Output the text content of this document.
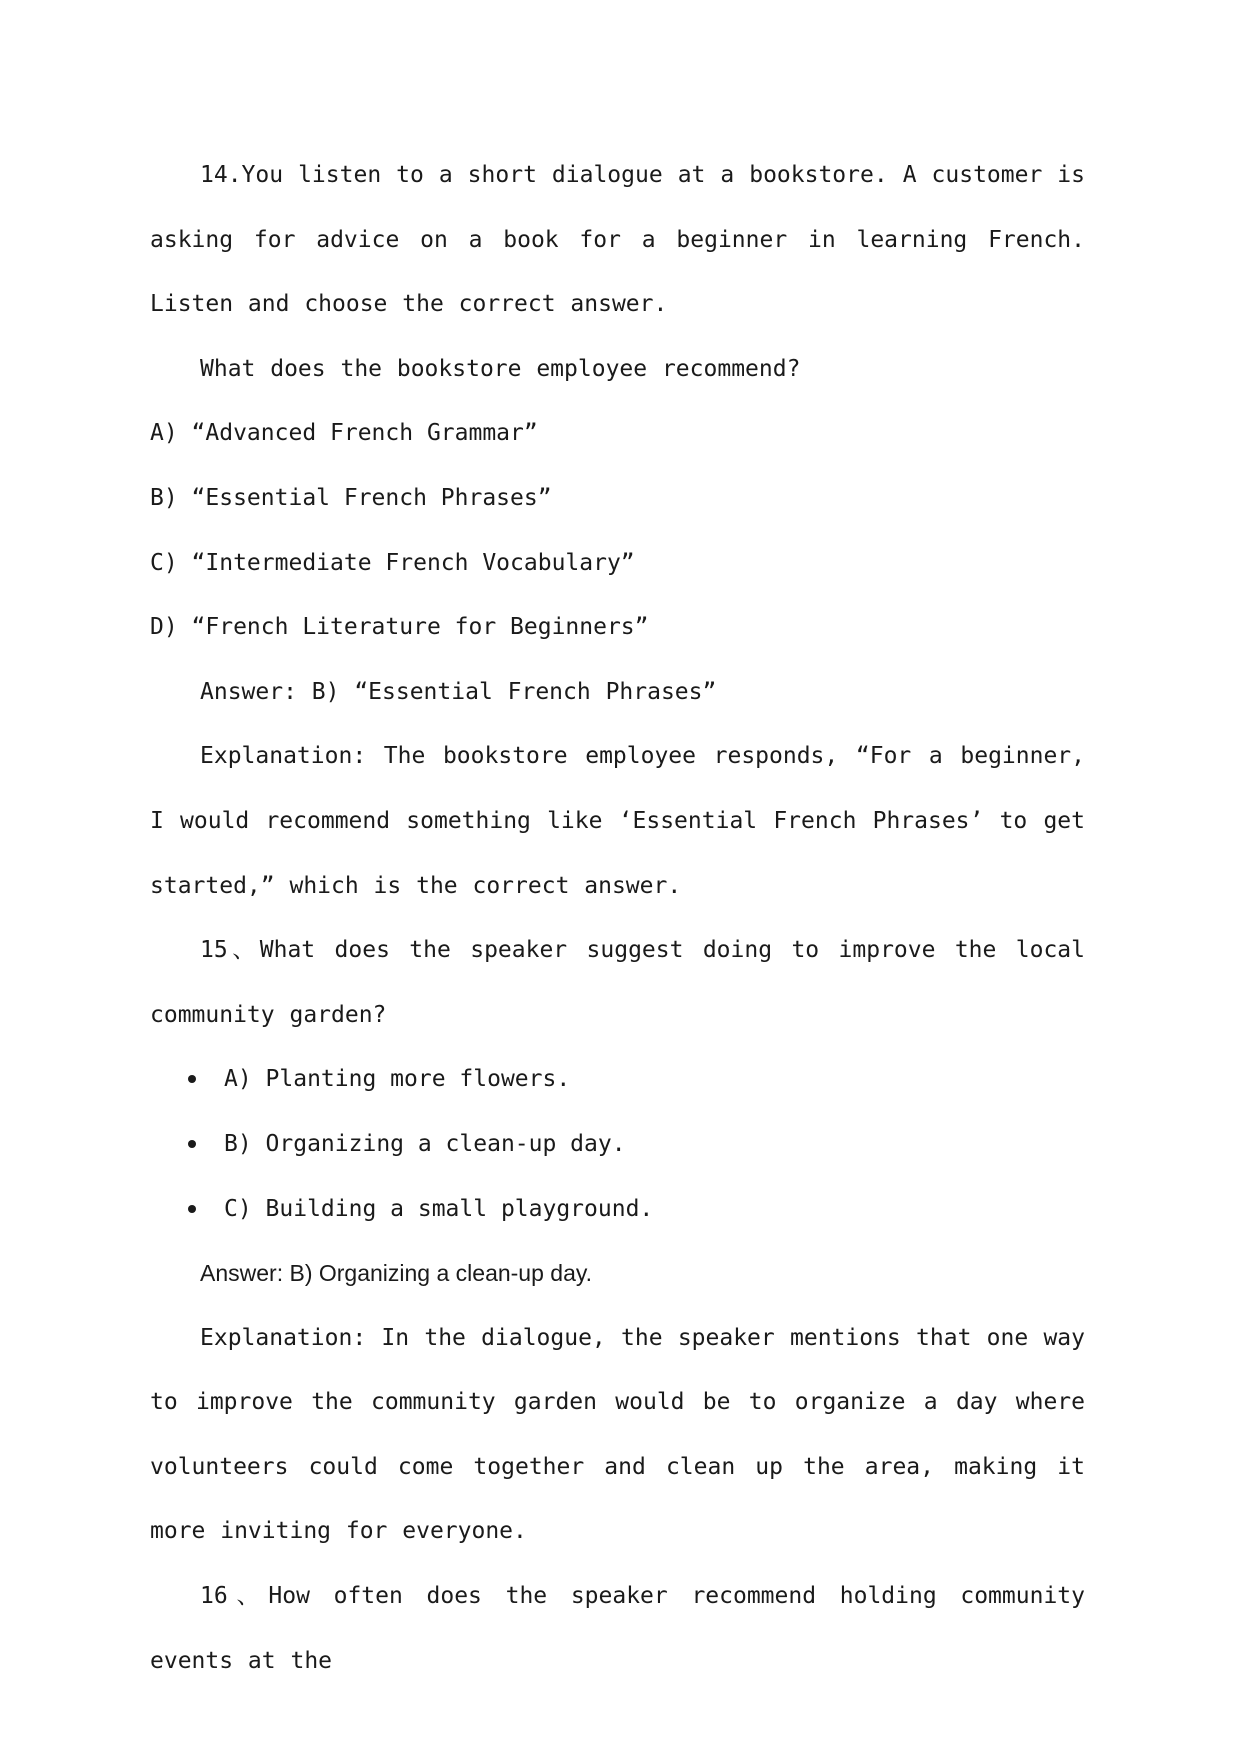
14.You listen to a short dialogue at a bookstore. A customer is asking for advice on a book for a beginner in learning French. Listen and choose the correct answer.

What does the bookstore employee recommend?

A) “Advanced French Grammar”

B) “Essential French Phrases”

C) “Intermediate French Vocabulary”

D) “French Literature for Beginners”

Answer: B) “Essential French Phrases”

Explanation: The bookstore employee responds, “For a beginner, I would recommend something like ‘Essential French Phrases’ to get started,” which is the correct answer.

15、What does the speaker suggest doing to improve the local community garden?

A) Planting more flowers.
B) Organizing a clean-up day.
C) Building a small playground.

Answer: B) Organizing a clean-up day.

Explanation: In the dialogue, the speaker mentions that one way to improve the community garden would be to organize a day where volunteers could come together and clean up the area, making it more inviting for everyone.

16、How often does the speaker recommend holding community events at the
